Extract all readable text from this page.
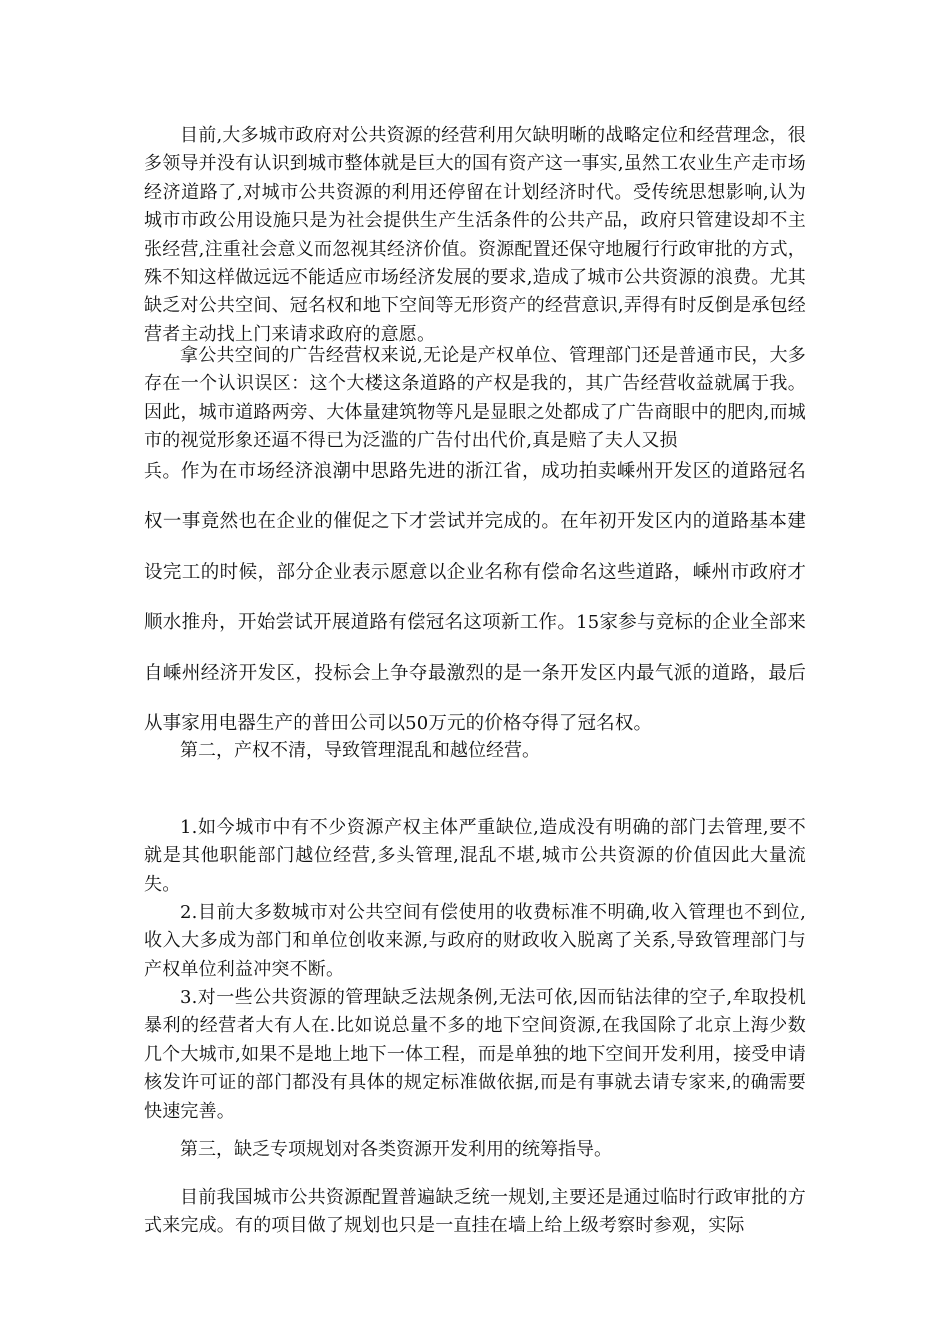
目前,大多城市政府对公共资源的经营利用欠缺明晰的战略定位和经营理念，很多领导并没有认识到城市整体就是巨大的国有资产这一事实,虽然工农业生产走市场经济道路了,对城市公共资源的利用还停留在计划经济时代。受传统思想影响,认为城市市政公用设施只是为社会提供生产生活条件的公共产品，政府只管建设却不主张经营,注重社会意义而忽视其经济价值。资源配置还保守地履行行政审批的方式，殊不知这样做远远不能适应市场经济发展的要求,造成了城市公共资源的浪费。尤其缺乏对公共空间、冠名权和地下空间等无形资产的经营意识,弄得有时反倒是承包经营者主动找上门来请求政府的意愿。

拿公共空间的广告经营权来说,无论是产权单位、管理部门还是普通市民，大多存在一个认识误区：这个大楼这条道路的产权是我的，其广告经营收益就属于我。因此，城市道路两旁、大体量建筑物等凡是显眼之处都成了广告商眼中的肥肉,而城市的视觉形象还逼不得已为泛滥的广告付出代价,真是赔了夫人又损

兵。作为在市场经济浪潮中思路先进的浙江省，成功拍卖嵊州开发区的道路冠名权一事竟然也在企业的催促之下才尝试并完成的。在年初开发区内的道路基本建设完工的时候，部分企业表示愿意以企业名称有偿命名这些道路，嵊州市政府才顺水推舟，开始尝试开展道路有偿冠名这项新工作。15家参与竞标的企业全部来自嵊州经济开发区，投标会上争夺最激烈的是一条开发区内最气派的道路，最后从事家用电器生产的普田公司以50万元的价格夺得了冠名权。

第二，产权不清，导致管理混乱和越位经营。

1.如今城市中有不少资源产权主体严重缺位,造成没有明确的部门去管理,要不就是其他职能部门越位经营,多头管理,混乱不堪,城市公共资源的价值因此大量流失。

2.目前大多数城市对公共空间有偿使用的收费标准不明确,收入管理也不到位,收入大多成为部门和单位创收来源,与政府的财政收入脱离了关系,导致管理部门与产权单位利益冲突不断。

3.对一些公共资源的管理缺乏法规条例,无法可依,因而钻法律的空子,牟取投机暴利的经营者大有人在.比如说总量不多的地下空间资源,在我国除了北京上海少数几个大城市,如果不是地上地下一体工程，而是单独的地下空间开发利用，接受申请核发许可证的部门都没有具体的规定标准做依据,而是有事就去请专家来,的确需要快速完善。

第三，缺乏专项规划对各类资源开发利用的统筹指导。

目前我国城市公共资源配置普遍缺乏统一规划,主要还是通过临时行政审批的方式来完成。有的项目做了规划也只是一直挂在墙上给上级考察时参观，实际
